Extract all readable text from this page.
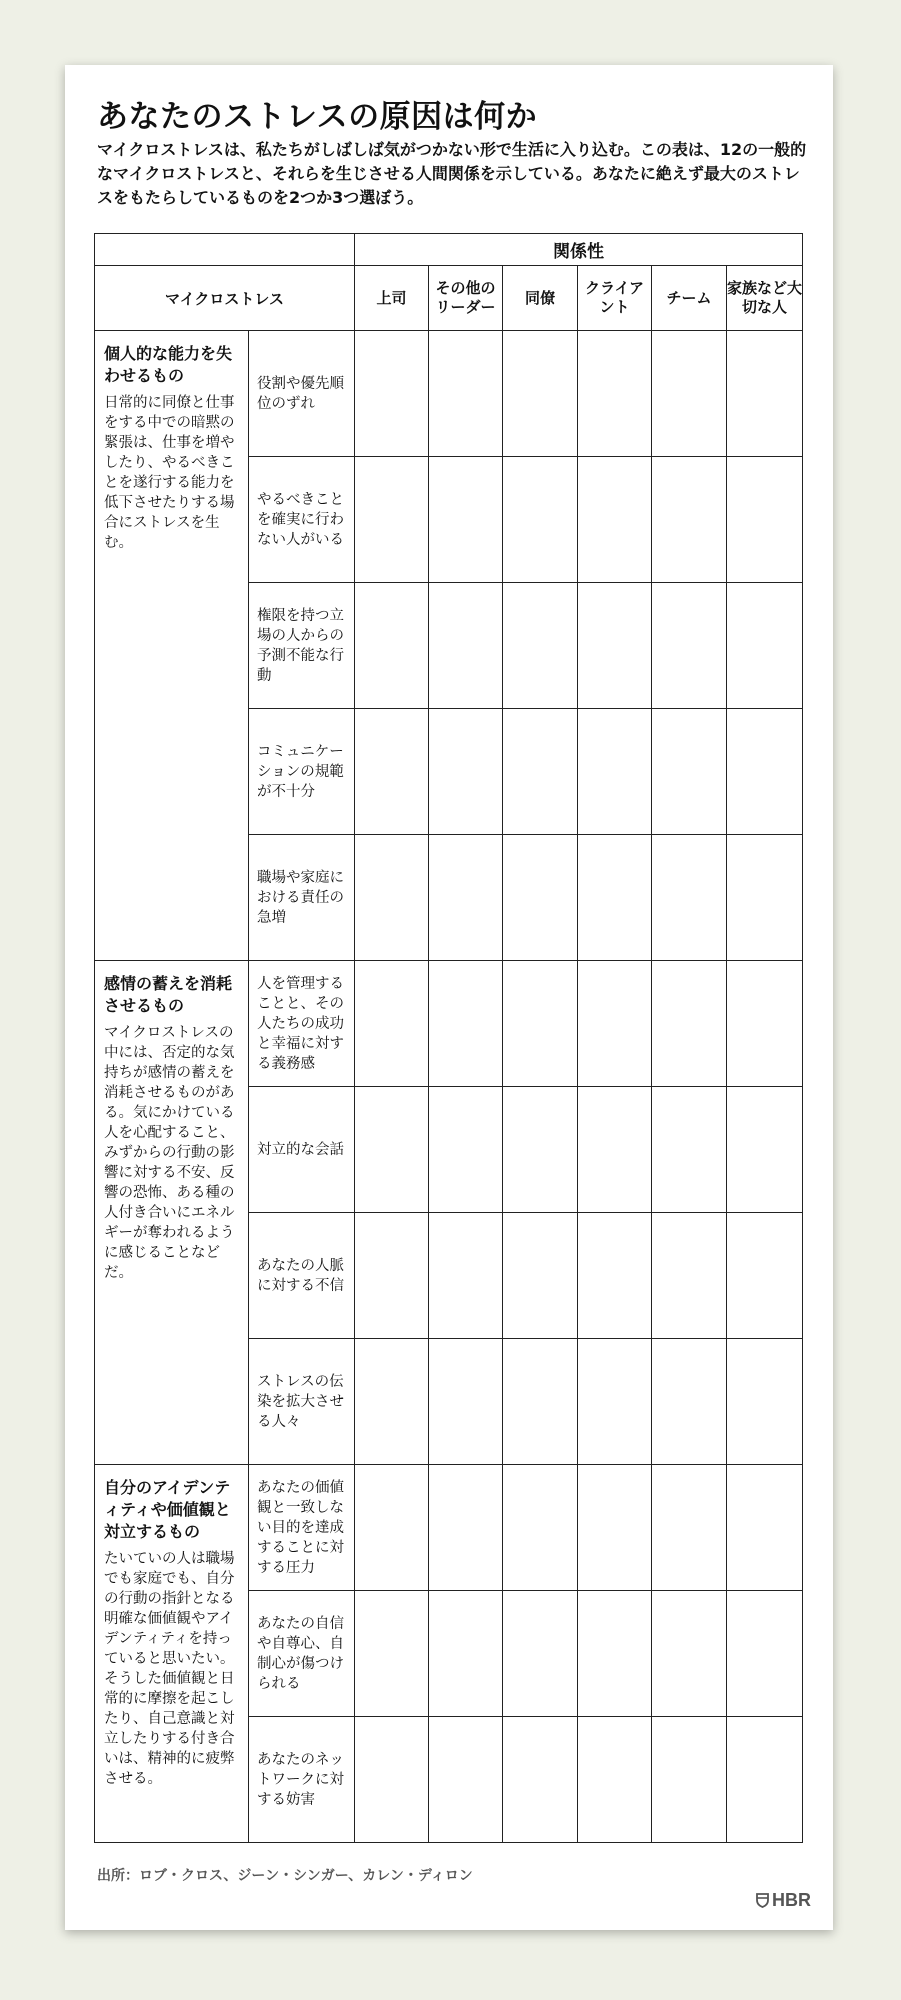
あなたのストレスの原因は何か
マイクロストレスは、私たちがしばしば気がつかない形で生活に入り込む。この表は、12の一般的なマイクロストレスと、それらを生じさせる人間関係を示している。あなたに絶えず最大のストレスをもたらしているものを2つか3つ選ぼう。
		関係性					
マイクロストレス		上司	その他のリーダー	同僚	クライアント	チーム	家族など大切な人

個人的な能力を失わせるもの
日常的に同僚と仕事をする中での暗黙の緊張は、仕事を増やしたり、やるべきことを遂行する能力を低下させたりする場合にストレスを生む。	役割や優先順位のずれ						
	やるべきことを確実に行わない人がいる						
	権限を持つ立場の人からの予測不能な行動						
	コミュニケーションの規範が不十分						
	職場や家庭における責任の急増						

感情の蓄えを消耗させるもの
マイクロストレスの中には、否定的な気持ちが感情の蓄えを消耗させるものがある。気にかけている人を心配すること、みずからの行動の影響に対する不安、反響の恐怖、ある種の人付き合いにエネルギーが奪われるように感じることなどだ。	人を管理することと、その人たちの成功と幸福に対する義務感						
	対立的な会話						
	あなたの人脈に対する不信						
	ストレスの伝染を拡大させる人々						

自分のアイデンティティや価値観と対立するもの
たいていの人は職場でも家庭でも、自分の行動の指針となる明確な価値観やアイデンティティを持っていると思いたい。そうした価値観と日常的に摩擦を起こしたり、自己意識と対立したりする付き合いは、精神的に疲弊させる。	あなたの価値観と一致しない目的を達成することに対する圧力						
	あなたの自信や自尊心、自制心が傷つけられる						
	あなたのネットワークに対する妨害						
出所：ロブ・クロス、ジーン・シンガー、カレン・ディロン
HBR
